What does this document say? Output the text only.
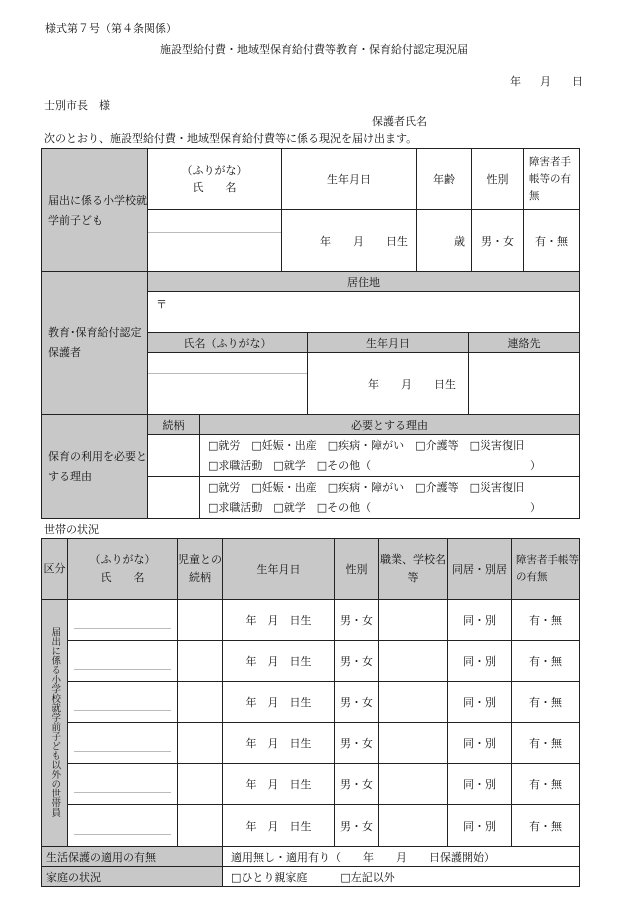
様式第７号（第４条関係）
施設型給付費・地域型保育給付費等教育・保育給付認定現況届
年 月 日
士別市長　様
保護者氏名
次のとおり、施設型給付費・地域型保育給付費等に係る現況を届け出ます。
届出に係る小学校就学前子ども	（ふりがな）
氏　　名	生年月日	年齢	性別	障害者手帳等の有無

		年　　月　　日生	歳	男・女	有・無
教育･保育給付認定保護者	居住地		
	〒		
	氏名（ふりがな）	生年月日	連絡先

		年　　月　　日生	
保育の利用を必要とする理由	続柄	必要とする理由

		□就労　□妊娠・出産　□疾病・障がい　□介護等　□災害復旧
□求職活動　□就学　□その他（ ）

		□就労　□妊娠・出産　□疾病・障がい　□介護等　□災害復旧
□求職活動　□就学　□その他（ ）
世帯の状況
区分	（ふりがな）
氏　　名	児童との続柄	生年月日	性別	職業、学校名等	同居・別居	障害者手帳等の有無

届出に係る小学校就学前子ども以外の世帯員			年　月　日生	男・女		同・別	有・無

			年　月　日生	男・女		同・別	有・無

			年　月　日生	男・女		同・別	有・無

			年　月　日生	男・女		同・別	有・無

			年　月　日生	男・女		同・別	有・無

			年　月　日生	男・女		同・別	有・無
生活保護の適用の有無			適用無し・適用有り（　　年　　月　　日保護開始）				
家庭の状況			□ひとり親家庭　　　□左記以外				
